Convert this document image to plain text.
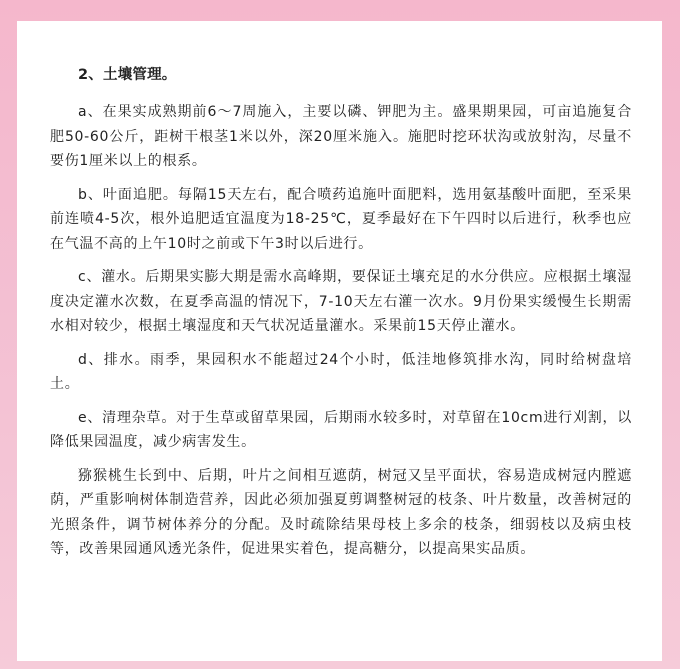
2、土壤管理。

a、在果实成熟期前6～7周施入，主要以磷、钾肥为主。盛果期果园，可亩追施复合肥50-60公斤，距树干根茎1米以外，深20厘米施入。施肥时挖环状沟或放射沟，尽量不要伤1厘米以上的根系。

b、叶面追肥。每隔15天左右，配合喷药追施叶面肥料，选用氨基酸叶面肥，至采果前连喷4-5次，根外追肥适宜温度为18-25℃，夏季最好在下午四时以后进行，秋季也应在气温不高的上午10时之前或下午3时以后进行。

c、灌水。后期果实膨大期是需水高峰期，要保证土壤充足的水分供应。应根据土壤湿度决定灌水次数，在夏季高温的情况下，7-10天左右灌一次水。9月份果实缓慢生长期需水相对较少，根据土壤湿度和天气状况适量灌水。采果前15天停止灌水。

d、排水。雨季，果园积水不能超过24个小时，低洼地修筑排水沟，同时给树盘培土。

e、清理杂草。对于生草或留草果园，后期雨水较多时，对草留在10cm进行刈割，以降低果园温度，减少病害发生。

猕猴桃生长到中、后期，叶片之间相互遮荫，树冠又呈平面状，容易造成树冠内膛遮荫，严重影响树体制造营养，因此必须加强夏剪调整树冠的枝条、叶片数量，改善树冠的光照条件，调节树体养分的分配。及时疏除结果母枝上多余的枝条，细弱枝以及病虫枝等，改善果园通风透光条件，促进果实着色，提高糖分，以提高果实品质。
